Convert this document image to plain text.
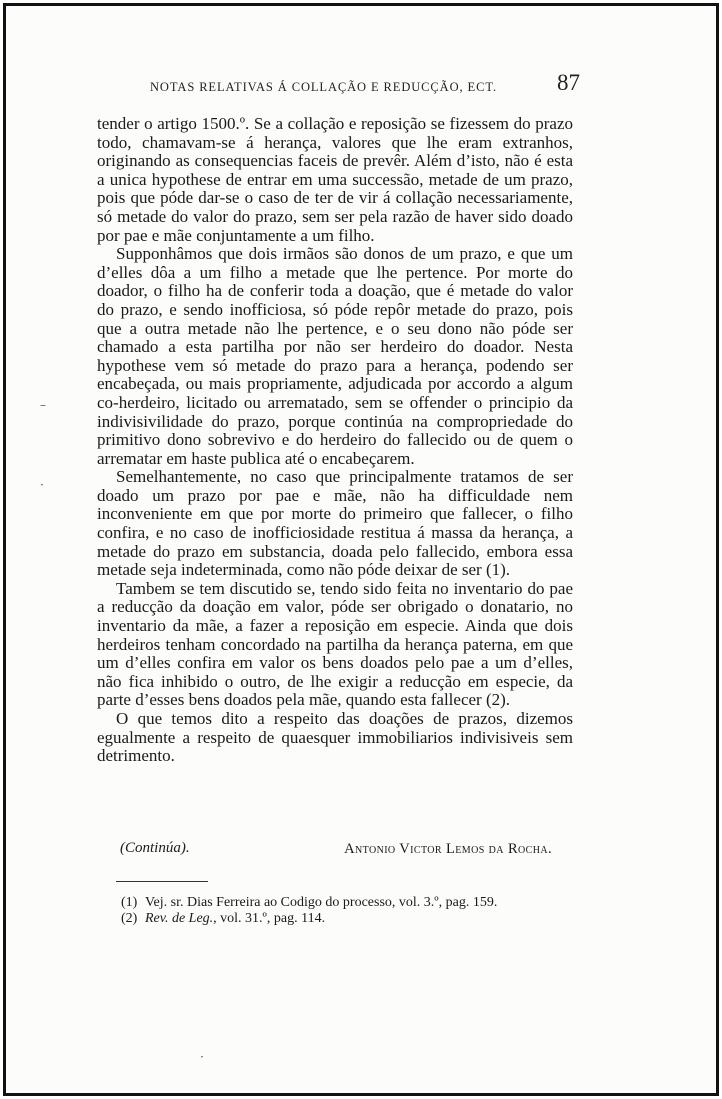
NOTAS RELATIVAS Á COLLAÇÃO E REDUCÇÃO, ECT.	87

tender o artigo 1500.º. Se a collação e reposição se fizessem do prazo todo, chamavam-se á herança, valores que lhe eram extranhos, originando as consequencias faceis de prevêr. Além d’isto, não é esta a unica hypothese de entrar em uma successão, metade de um prazo, pois que póde dar-se o caso de ter de vir á collação necessariamente, só metade do valor do prazo, sem ser pela razão de haver sido doado por pae e mãe conjuntamente a um filho.

Supponhâmos que dois irmãos são donos de um prazo, e que um d’elles dôa a um filho a metade que lhe pertence. Por morte do doador, o filho ha de conferir toda a doação, que é metade do valor do prazo, e sendo inofficiosa, só póde repôr metade do prazo, pois que a outra metade não lhe pertence, e o seu dono não póde ser chamado a esta partilha por não ser herdeiro do doador. Nesta hypothese vem só metade do prazo para a herança, podendo ser encabeçada, ou mais propriamente, adjudicada por accordo a algum co-herdeiro, licitado ou arrematado, sem se offender o principio da indivisivilidade do prazo, porque continúa na compropriedade do primitivo dono sobrevivo e do herdeiro do fallecido ou de quem o arrematar em haste publica até o encabeçarem.

Semelhantemente, no caso que principalmente tratamos de ser doado um prazo por pae e mãe, não ha difficuldade nem inconveniente em que por morte do primeiro que fallecer, o filho confira, e no caso de inofficiosidade restitua á massa da herança, a metade do prazo em substancia, doada pelo fallecido, embora essa metade seja indeterminada, como não póde deixar de ser (1).

Tambem se tem discutido se, tendo sido feita no inventario do pae a reducção da doação em valor, póde ser obrigado o donatario, no inventario da mãe, a fazer a reposição em especie. Ainda que dois herdeiros tenham concordado na partilha da herança paterna, em que um d’elles confira em valor os bens doados pelo pae a um d’elles, não fica inhibido o outro, de lhe exigir a reducção em especie, da parte d’esses bens doados pela mãe, quando esta fallecer (2).

O que temos dito a respeito das doações de prazos, dizemos egualmente a respeito de quaesquer immobiliarios indivisiveis sem detrimento.

(Continúa).	Antonio Victor Lemos da Rocha.
(1) Vej. sr. Dias Ferreira ao Codigo do processo, vol. 3.º, pag. 159.
(2) Rev. de Leg., vol. 31.º, pag. 114.
–
·
·
